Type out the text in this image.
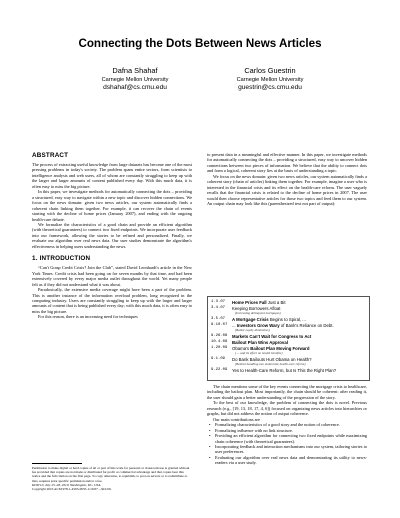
Connecting the Dots Between News Articles
Dafna Shahaf
Carnegie Mellon University
dshahaf@cs.cmu.edu
Carlos Guestrin
Carnegie Mellon University
guestrin@cs.cmu.edu
ABSTRACT

The process of extracting useful knowledge from large datasets has become one of the most pressing problems in today's society. The problem spans entire sectors, from scientists to intelligence analysts and web users, all of whom are constantly struggling to keep up with the larger and larger amounts of content published every day. With this much data, it is often easy to miss the big picture.

In this paper, we investigate methods for automatically connecting the dots – providing a structured, easy way to navigate within a new topic and discover hidden connections. We focus on the news domain: given two news articles, our system automatically finds a coherent chain linking them together. For example, it can recover the chain of events starting with the decline of home prices (January 2007), and ending with the ongoing health-care debate.

We formalize the characteristics of a good chain and provide an efficient algorithm (with theoretical guarantees) to connect two fixed endpoints. We incorporate user feedback into our framework, allowing the stories to be refined and personalized. Finally, we evaluate our algorithm over real news data. Our user studies demonstrate the algorithm's effectiveness in helping users understanding the news.

1. INTRODUCTION

“Can't Grasp Credit Crisis? Join the Club”, stated David Leonhardt's article in the New York Times. Credit crisis had been going on for seven months by that time, and had been extensively covered by every major media outlet throughout the world. Yet many people felt as if they did not understand what it was about.

Paradoxically, the extensive media coverage might have been a part of the problem. This is another instance of the information overload problem, long recognized in the computing industry. Users are constantly struggling to keep up with the larger and larger amounts of content that is being published every day; with this much data, it is often easy to miss the big picture.

For this reason, there is an increasing need for techniques

Permission to make digital or hard copies of all or part of this work for personal or classroom use is granted without fee provided that copies are not made or distributed for profit or commercial advantage and that copies bear this notice and the full citation on the first page. To copy otherwise, to republish, to post on servers or to redistribute to lists, requires prior specific permission and/or a fee.
KDD'10, July 25–28, 2010, Washington, DC, USA.
Copyright 2010 ACM 978-1-4503-0055-1/10/07 ...$10.00.

to present data in a meaningful and effective manner. In this paper, we investigate methods for automatically connecting the dots – providing a structured, easy way to uncover hidden connections between two pieces of information. We believe that the ability to connect dots and form a logical, coherent story lies at the basis of understanding a topic.

We focus on the news domain: given two news articles, our system automatically finds a coherent story (chain of articles) linking them together. For example, imagine a user who is interested in the financial crisis and its effect on the health-care reform. The user vaguely recalls that the financial crisis is related to the decline of home prices in 2007. The user would then choose representative articles for those two topics and feed them to our system. An output chain may look like this (parenthesized text not part of output):

1.3.07 Home Prices Fall Just a Bit
3.4.07 Keeping Borrowers Afloat
(Increasing delinquent mortgages)
3.5.07 A Mortgage Crisis Begins to Spiral, ...
8.10.07 ... Investors Grow Wary of Bank's Reliance on Debt.
(Banks' equity diminishes)
9.26.08 Markets Can't Wait for Congress to Act
10.4.08 Bailout Plan Wins Approval
1.20.09 Obama's Bailout Plan Moving Forward
( ... and its effect on health benefits)
9.1.09 Do Bank Bailouts Hurt Obama on Health?
(Bailout handling can undermine health-care reform)
9.22.09 Yes to Health-Care Reform, but Is This the Right Plan?

The chain mentions some of the key events connecting the mortgage crisis to healthcare, including the bailout plan. Most importantly, the chain should be coherent: after reading it, the user should gain a better understanding of the progression of the story.

To the best of our knowledge, the problem of connecting the dots is novel. Previous research (e.g., [19, 13, 18, 17, 4, 6]) focused on organizing news articles into hierarchies or graphs, but did not address the notion of output coherence.

Our main contributions are

• Formalizing characteristics of a good story and the notion of coherence.
• Formalizing influence with no link structure.
• Providing an efficient algorithm for connecting two fixed endpoints while maximizing chain coherence (with theoretical guarantees).
• Incorporating feedback and interaction mechanisms into our system, tailoring stories to user preferences.
• Evaluating our algorithm over real news data and demonstrating its utility to news-readers via a user study.
